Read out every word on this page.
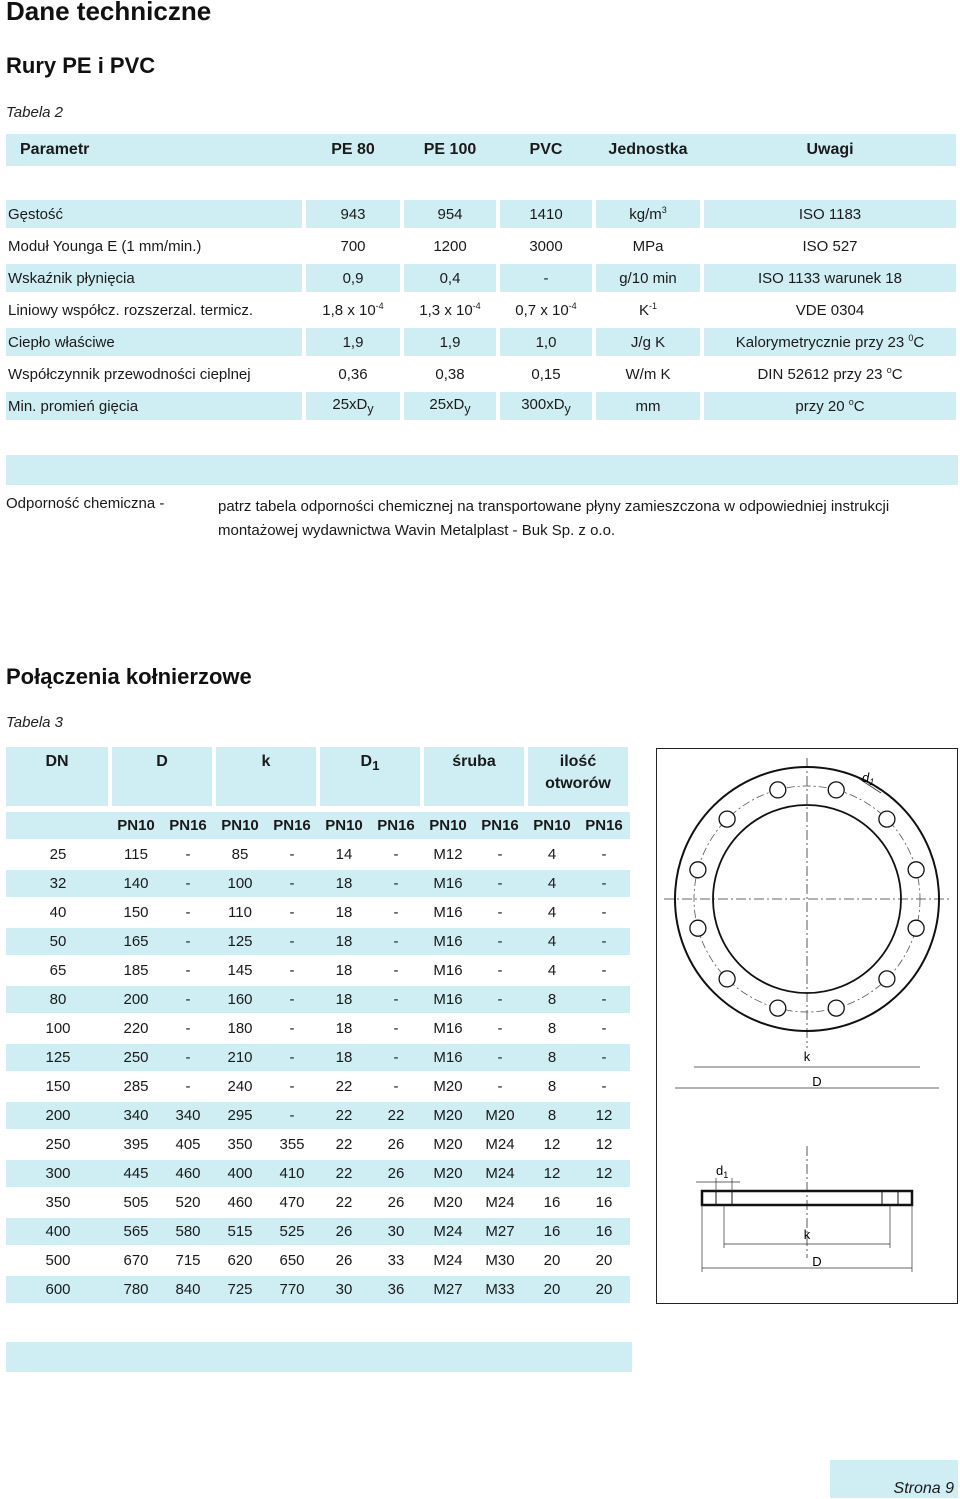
Dane techniczne
Rury PE i PVC
Tabela 2
Parametr		PE 80		PE 100		PVC		Jednostka		Uwagi

Gęstość		943		954		1410		$kg/m^3$		ISO 1183
Moduł Younga E (1 mm/min.)		700		1200		3000		MPa		ISO 527
Wskaźnik płynięcia		0,9		0,4		-		g/10 min		ISO 1133 warunek 18
Liniowy współcz. rozszerzal. termicz.		1,8 x $10^{-4}$		1,3 x $10^{-4}$		0,7 x $10^{-4}$		$K^{-1}$		VDE 0304
Ciepło właściwe		1,9		1,9		1,0		J/g K		Kalorymetrycznie przy 23 $^0$C
Współczynnik przewodności cieplnej		0,36		0,38		0,15		W/m K		DIN 52612 przy 23 $^o$C
Min. promień gięcia		$25xD_y$		$25xD_y$		$300xD_y$		mm		przy 20 $^o$C
Odporność chemiczna -	patrz tabela odporności chemicznej na transportowane płyny zamieszczona w odpowiedniej instrukcji montażowej wydawnictwa Wavin Metalplast - Buk Sp. z o.o.
Połączenia kołnierzowe
Tabela 3
DN	D	k	$D_1$	śruba	ilość otworów
	PN10	PN16	PN10	PN16	PN10	PN16	PN10	PN16	PN10	PN16
25	115	-	85	-	14	-	M12	-	4	-
32	140	-	100	-	18	-	M16	-	4	-
40	150	-	110	-	18	-	M16	-	4	-
50	165	-	125	-	18	-	M16	-	4	-
65	185	-	145	-	18	-	M16	-	4	-
80	200	-	160	-	18	-	M16	-	8	-
100	220	-	180	-	18	-	M16	-	8	-
125	250	-	210	-	18	-	M16	-	8	-
150	285	-	240	-	22	-	M20	-	8	-
200	340	340	295	-	22	22	M20	M20	8	12
250	395	405	350	355	22	26	M20	M24	12	12
300	445	460	400	410	22	26	M20	M24	12	12
350	505	520	460	470	22	26	M20	M24	16	16
400	565	580	515	525	26	30	M24	M27	16	16
500	670	715	620	650	26	33	M24	M30	20	20
600	780	840	725	770	30	36	M27	M33	20	20
$d_1$
k
D
$d_1$
k
D
Strona 9
